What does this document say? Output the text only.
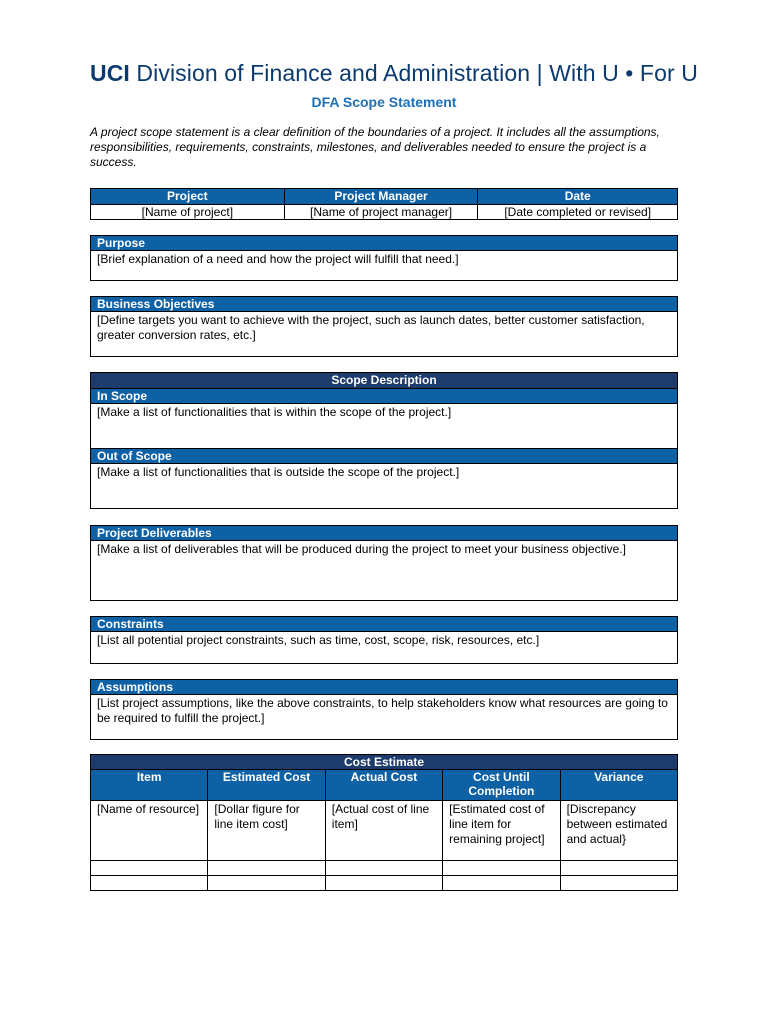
UCI Division of Finance and Administration | With U • For U
DFA Scope Statement
A project scope statement is a clear definition of the boundaries of a project. It includes all the assumptions, responsibilities, requirements, constraints, milestones, and deliverables needed to ensure the project is a success.
Project	Project Manager	Date
[Name of project]	[Name of project manager]	[Date completed or revised]
Purpose
[Brief explanation of a need and how the project will fulfill that need.]
Business Objectives
[Define targets you want to achieve with the project, such as launch dates, better customer satisfaction, greater conversion rates, etc.]
Scope Description
In Scope
[Make a list of functionalities that is within the scope of the project.]
Out of Scope
[Make a list of functionalities that is outside the scope of the project.]
Project Deliverables
[Make a list of deliverables that will be produced during the project to meet your business objective.]
Constraints
[List all potential project constraints, such as time, cost, scope, risk, resources, etc.]
Assumptions
[List project assumptions, like the above constraints, to help stakeholders know what resources are going to be required to fulfill the project.]
Cost Estimate				
Item	Estimated Cost	Actual Cost	Cost Until Completion	Variance
[Name of resource]	[Dollar figure for line item cost]	[Actual cost of line item]	[Estimated cost of line item for remaining project]	[Discrepancy between estimated and actual}
